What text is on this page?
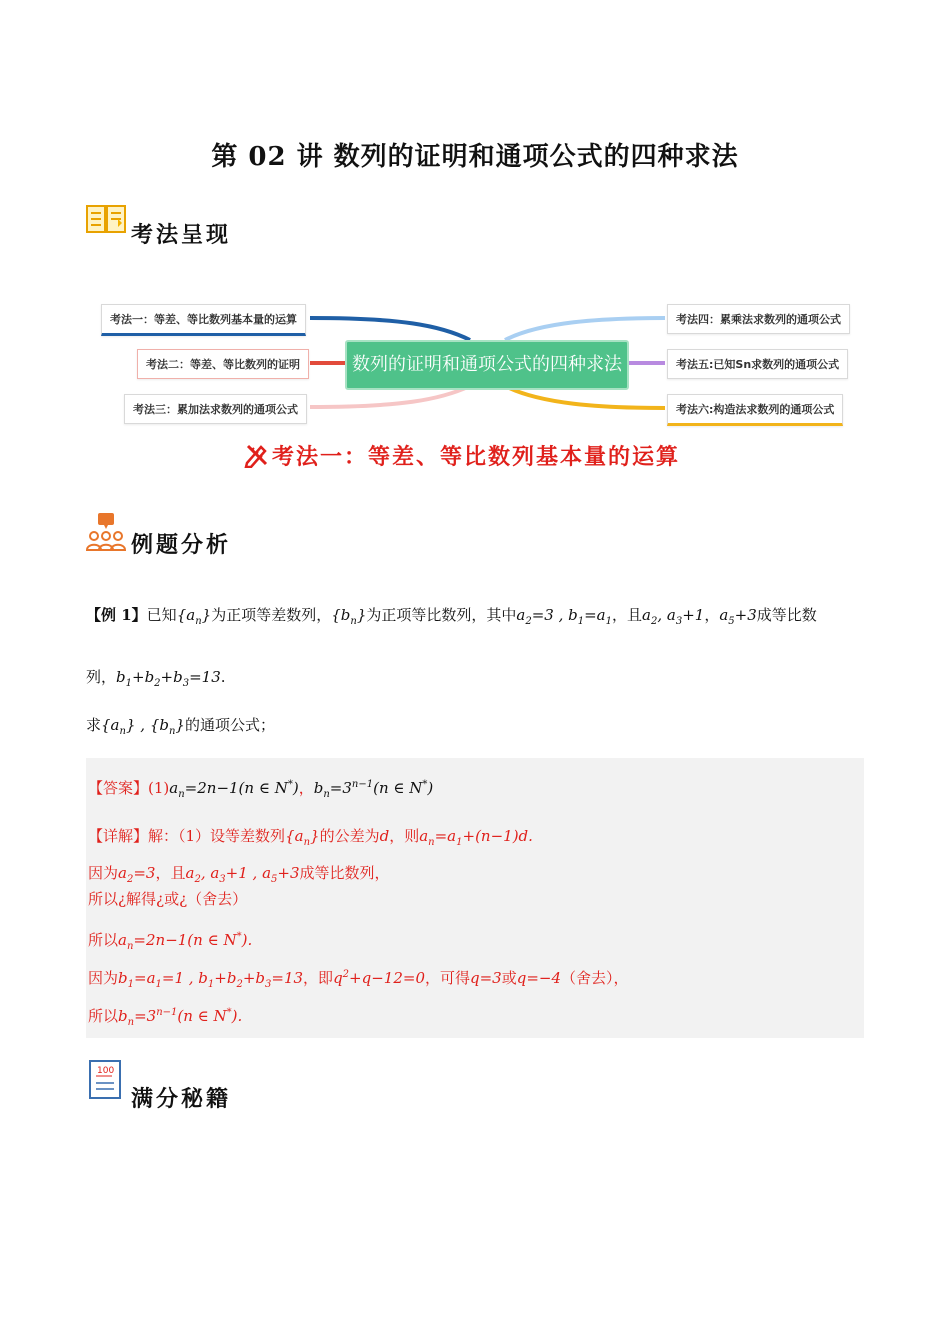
第 02 讲 数列的证明和通项公式的四种求法
考法呈现
数列的证明和通项公式的四种求法
考法一：等差、等比数列基本量的运算
考法二：等差、等比数列的证明
考法三：累加法求数列的通项公式
考法四：累乘法求数列的通项公式
考法五:已知Sn求数列的通项公式
考法六:构造法求数列的通项公式
考法一：等差、等比数列基本量的运算
例题分析
【例 1】已知$\{a_n\}$为正项等差数列，$\{b_n\}$为正项等比数列，其中$a_2=3$ , $b_1=a_1$，且$a_2$, $a_3+1$，$a_5+3$成等比数
列，$b_1+b_2+b_3=13$.
求$\{a_n\}$ , $\{b_n\}$的通项公式；
【答案】$(1)a_n=2n-1(n$ ∈ N*)，$b_n=3^{n-1}(n$ ∈ N*)
【详解】解：（1）设等差数列$\{a_n\}$的公差为d，则$a_n=a_1+(n-1)d$.
因为$a_2=3$，且$a_2$, $a_3+1$ , $a_5+3$成等比数列，
所以¿解得¿或¿（舍去）
所以$a_n=2n-1(n$ ∈ N*).
因为$b_1=a_1=1$ , $b_1+b_2+b_3=13$，即$q^2+q-12=0$，可得q=3或q=−4（舍去），
所以$b_n=3^{n-1}(n$ ∈ N*).
100
满分秘籍
